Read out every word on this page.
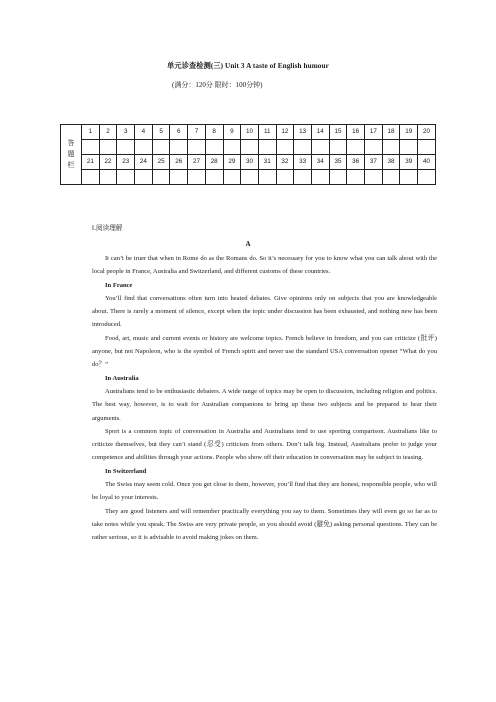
单元诊查检测(三) Unit 3 A taste of English humour
(满分：120分 限时：100分钟)
答
题
栏	1	2	3	4	5	6	7	8	9	10	11	12	13	14	15	16	17	18	19	20

	21	22	23	24	25	26	27	28	29	30	31	32	33	34	35	36	37	38	39	40

Ⅰ.阅读理解
A

It can’t be truer that when in Rome do as the Romans do. So it’s necessary for you to know what you can talk about with the local people in France, Australia and Switzerland, and different customs of these countries.

In France

You’ll find that conversations often turn into heated debates. Give opinions only on subjects that you are knowledgeable about. There is rarely a moment of silence, except when the topic under discussion has been exhausted, and nothing new has been introduced.

Food, art, music and current events or history are welcome topics. French believe in freedom, and you can criticize (批评) anyone, but not Napoleon, who is the symbol of French spirit and never use the standard USA conversation opener “What do you do？”

In Australia

Australians tend to be enthusiastic debaters. A wide range of topics may be open to discussion, including religion and politics. The best way, however, is to wait for Australian companions to bring up these two subjects and be prepared to hear their arguments.

Sport is a common topic of conversation in Australia and Australians tend to use sporting comparison. Australians like to criticize themselves, but they can’t stand (忍受) criticism from others. Don’t talk big. Instead, Australians prefer to judge your competence and abilities through your actions. People who show off their education in conversation may be subject to teasing.

In Switzerland

The Swiss may seem cold. Once you get close to them, however, you’ll find that they are honest, responsible people, who will be loyal to your interests.

They are good listeners and will remember practically everything you say to them. Sometimes they will even go so far as to take notes while you speak. The Swiss are very private people, so you should avoid (避免) asking personal questions. They can be rather serious, so it is advisable to avoid making jokes on them.
